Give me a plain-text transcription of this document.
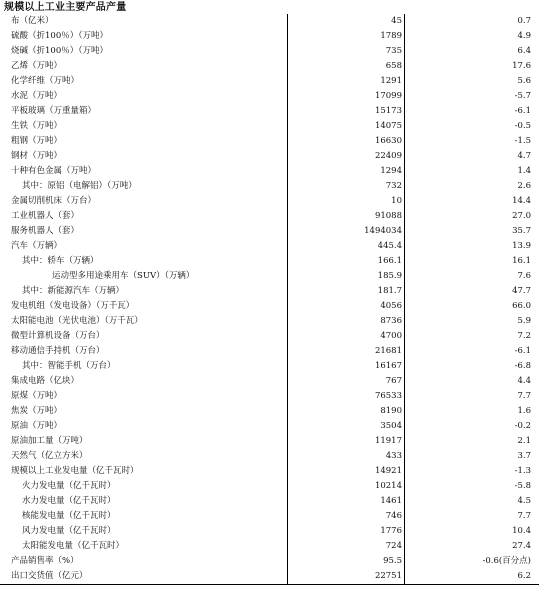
规模以上工业主要产品产量
布（亿米）	45	0.7
硫酸（折100％）（万吨）	1789	4.9
烧碱（折100％）（万吨）	735	6.4
乙烯（万吨）	658	17.6
化学纤维（万吨）	1291	5.6
水泥（万吨）	17099	-5.7
平板玻璃（万重量箱）	15173	-6.1
生铁（万吨）	14075	-0.5
粗钢（万吨）	16630	-1.5
钢材（万吨）	22409	4.7
十种有色金属（万吨）	1294	1.4
其中：原铝（电解铝）（万吨）	732	2.6
金属切削机床（万台）	10	14.4
工业机器人（套）	91088	27.0
服务机器人（套）	1494034	35.7
汽车（万辆）	445.4	13.9
其中：轿车（万辆）	166.1	16.1
运动型多用途乘用车（SUV）（万辆）	185.9	7.6
其中：新能源汽车（万辆）	181.7	47.7
发电机组（发电设备）（万千瓦）	4056	66.0
太阳能电池（光伏电池）（万千瓦）	8736	5.9
微型计算机设备（万台）	4700	7.2
移动通信手持机（万台）	21681	-6.1
其中：智能手机（万台）	16167	-6.8
集成电路（亿块）	767	4.4
原煤（万吨）	76533	7.7
焦炭（万吨）	8190	1.6
原油（万吨）	3504	-0.2
原油加工量（万吨）	11917	2.1
天然气（亿立方米）	433	3.7
规模以上工业发电量（亿千瓦时）	14921	-1.3
火力发电量（亿千瓦时）	10214	-5.8
水力发电量（亿千瓦时）	1461	4.5
核能发电量（亿千瓦时）	746	7.7
风力发电量（亿千瓦时）	1776	10.4
太阳能发电量（亿千瓦时）	724	27.4
产品销售率（%）	95.5	-0.6(百分点)
出口交货值（亿元）	22751	6.2
